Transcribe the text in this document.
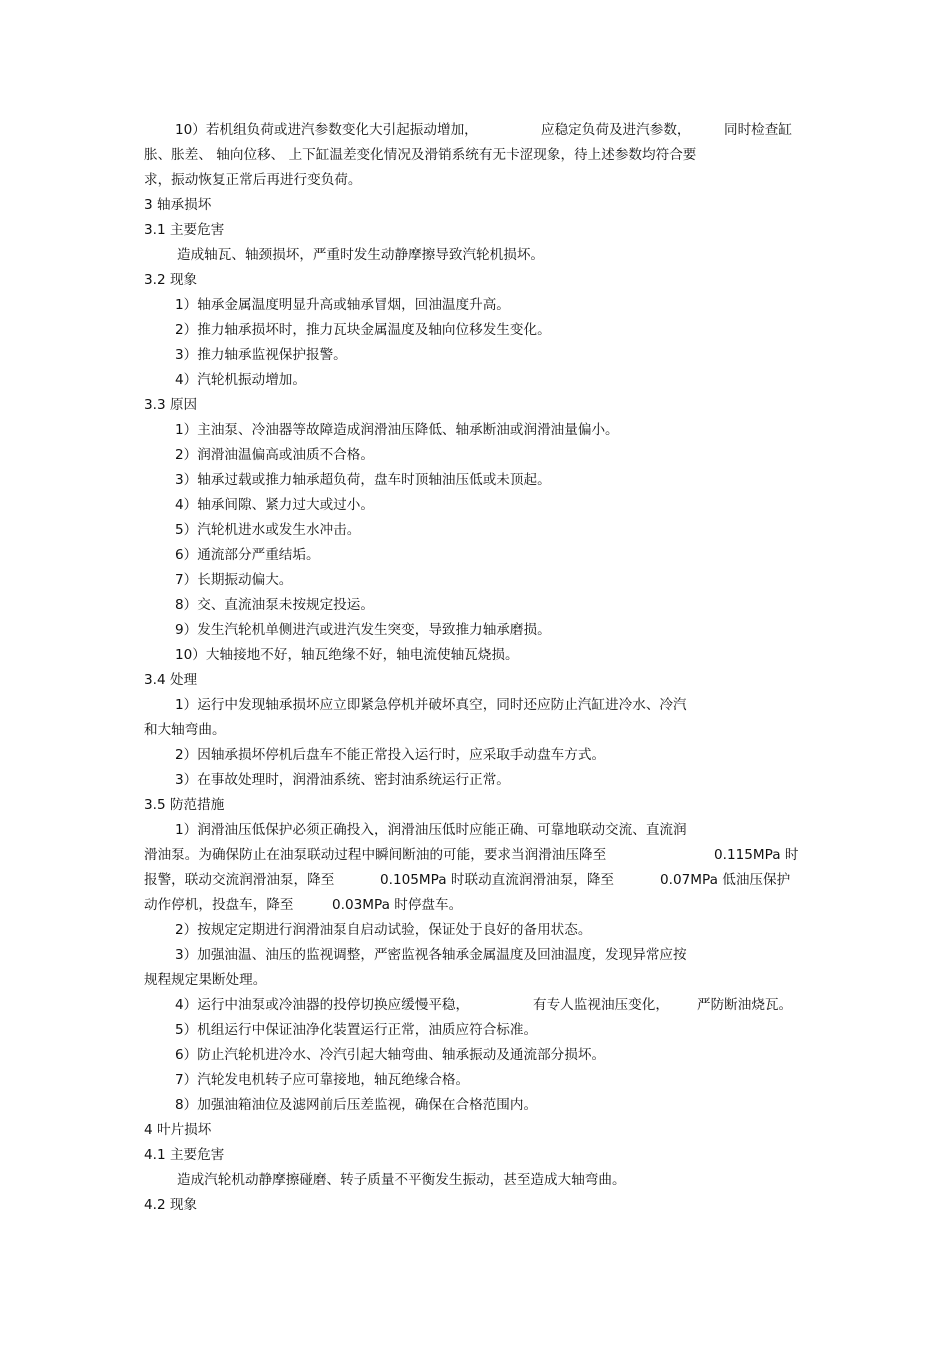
10）若机组负荷或进汽参数变化大引起振动增加，	应稳定负荷及进汽参数， 同时检查缸
胀、胀差、 轴向位移、 上下缸温差变化情况及滑销系统有无卡涩现象，待上述参数均符合要
求，振动恢复正常后再进行变负荷。
3 轴承损坏
3.1 主要危害
造成轴瓦、轴颈损坏，严重时发生动静摩擦导致汽轮机损坏。
3.2 现象
1）轴承金属温度明显升高或轴承冒烟，回油温度升高。
2）推力轴承损坏时，推力瓦块金属温度及轴向位移发生变化。
3）推力轴承监视保护报警。
4）汽轮机振动增加。
3.3 原因
1）主油泵、冷油器等故障造成润滑油压降低、轴承断油或润滑油量偏小。
2）润滑油温偏高或油质不合格。
3）轴承过载或推力轴承超负荷，盘车时顶轴油压低或未顶起。
4）轴承间隙、紧力过大或过小。
5）汽轮机进水或发生水冲击。
6）通流部分严重结垢。
7）长期振动偏大。
8）交、直流油泵未按规定投运。
9）发生汽轮机单侧进汽或进汽发生突变，导致推力轴承磨损。
10）大轴接地不好，轴瓦绝缘不好，轴电流使轴瓦烧损。
3.4 处理
1）运行中发现轴承损坏应立即紧急停机并破坏真空，同时还应防止汽缸进冷水、冷汽
和大轴弯曲。
2）因轴承损坏停机后盘车不能正常投入运行时，应采取手动盘车方式。
3）在事故处理时，润滑油系统、密封油系统运行正常。
3.5 防范措施
1）润滑油压低保护必须正确投入，润滑油压低时应能正确、可靠地联动交流、直流润
滑油泵。为确保防止在油泵联动过程中瞬间断油的可能，要求当润滑油压降至	0.115MPa 时
报警，联动交流润滑油泵，降至	0.105MPa 时联动直流润滑油泵，降至	0.07MPa 低油压保护
动作停机，投盘车，降至	0.03MPa 时停盘车。
2）按规定定期进行润滑油泵自启动试验，保证处于良好的备用状态。
3）加强油温、油压的监视调整，严密监视各轴承金属温度及回油温度，发现异常应按
规程规定果断处理。
4）运行中油泵或冷油器的投停切换应缓慢平稳，	有专人监视油压变化， 严防断油烧瓦。
5）机组运行中保证油净化装置运行正常，油质应符合标准。
6）防止汽轮机进冷水、冷汽引起大轴弯曲、轴承振动及通流部分损坏。
7）汽轮发电机转子应可靠接地，轴瓦绝缘合格。
8）加强油箱油位及滤网前后压差监视，确保在合格范围内。
4 叶片损坏
4.1 主要危害
造成汽轮机动静摩擦碰磨、转子质量不平衡发生振动，甚至造成大轴弯曲。
4.2 现象
